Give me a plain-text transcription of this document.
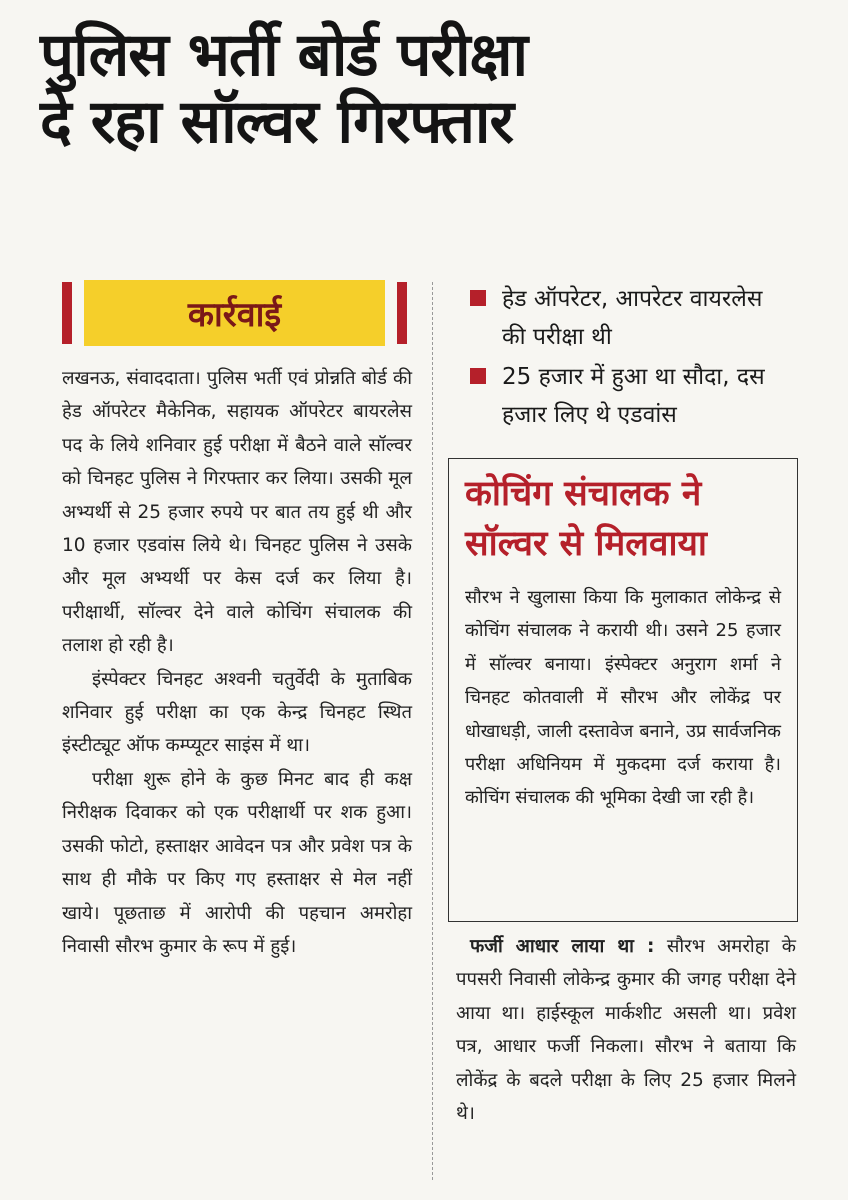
पुलिस भर्ती बोर्ड परीक्षा
दे रहा सॉल्वर गिरफ्तार
कार्रवाई

लखनऊ, संवाददाता। पुलिस भर्ती एवं प्रोन्नति बोर्ड की हेड ऑपरेटर मैकेनिक, सहायक ऑपरेटर बायरलेस पद के लिये शनिवार हुई परीक्षा में बैठने वाले सॉल्वर को चिनहट पुलिस ने गिरफ्तार कर लिया। उसकी मूल अभ्यर्थी से 25 हजार रुपये पर बात तय हुई थी और 10 हजार एडवांस लिये थे। चिनहट पुलिस ने उसके और मूल अभ्यर्थी पर केस दर्ज कर लिया है। परीक्षार्थी, सॉल्वर देने वाले कोचिंग संचालक की तलाश हो रही है।

इंस्पेक्टर चिनहट अश्वनी चतुर्वेदी के मुताबिक शनिवार हुई परीक्षा का एक केन्द्र चिनहट स्थित इंस्टीट्यूट ऑफ कम्प्यूटर साइंस में था।

परीक्षा शुरू होने के कुछ मिनट बाद ही कक्ष निरीक्षक दिवाकर को एक परीक्षार्थी पर शक हुआ। उसकी फोटो, हस्ताक्षर आवेदन पत्र और प्रवेश पत्र के साथ ही मौके पर किए गए हस्ताक्षर से मेल नहीं खाये। पूछताछ में आरोपी की पहचान अमरोहा निवासी सौरभ कुमार के रूप में हुई।

हेड ऑपरेटर, आपरेटर वायरलेस की परीक्षा थी
25 हजार में हुआ था सौदा, दस हजार लिए थे एडवांस
कोचिंग संचालक ने
सॉल्वर से मिलवाया
सौरभ ने खुलासा किया कि मुलाकात लोकेन्द्र से कोचिंग संचालक ने करायी थी। उसने 25 हजार में सॉल्वर बनाया। इंस्पेक्टर अनुराग शर्मा ने चिनहट कोतवाली में सौरभ और लोकेंद्र पर धोखाधड़ी, जाली दस्तावेज बनाने, उप्र सार्वजनिक परीक्षा अधिनियम में मुकदमा दर्ज कराया है। कोचिंग संचालक की भूमिका देखी जा रही है।
फर्जी आधार लाया था : सौरभ अमरोहा के पपसरी निवासी लोकेन्द्र कुमार की जगह परीक्षा देने आया था। हाईस्कूल मार्कशीट असली था। प्रवेश पत्र, आधार फर्जी निकला। सौरभ ने बताया कि लोकेंद्र के बदले परीक्षा के लिए 25 हजार मिलने थे।
